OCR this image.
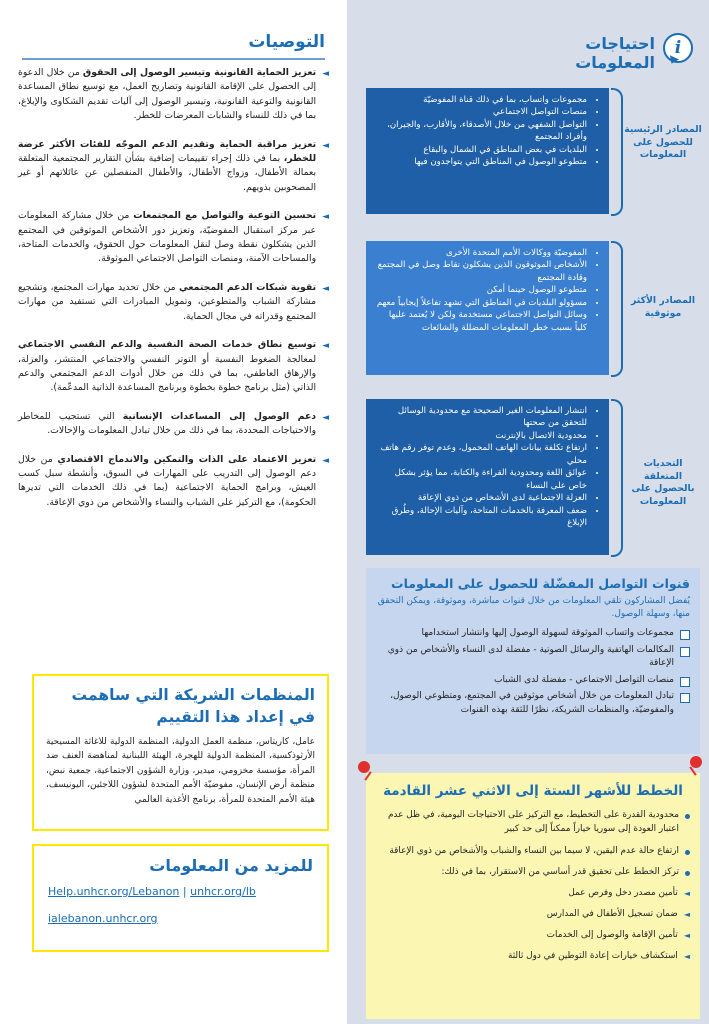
التوصيات
◄
تعزيز الحماية القانونية وتيسير الوصول إلى الحقوق من خلال الدعوة إلى الحصول على الإقامة القانونية وتصاريح العمل، مع توسيع نطاق المساعدة القانونية والتوعية القانونية، وتيسير الوصول إلى آليات تقديم الشكاوى والإبلاغ، بما في ذلك للنساء والشابات المعرضات للخطر.
◄
تعزيز مراقبة الحماية وتقديم الدعم الموجّه للفئات الأكثر عرضة للخطر، بما في ذلك إجراء تقييمات إضافية بشأن التقارير المجتمعية المتعلقة بعمالة الأطفال، وزواج الأطفال، والأطفال المنفصلين عن عائلاتهم أو غير المصحوبين بذويهم.
◄
تحسين التوعية والتواصل مع المجتمعات من خلال مشاركة المعلومات عبر مركز استقبال المفوضيّة، وتعزيز دور الأشخاص الموثوقين في المجتمع الذين يشكلون نقطة وصل لنقل المعلومات حول الحقوق، والخدمات المتاحة، والمساحات الآمنة، ومنصات التواصل الاجتماعي الموثوقة.
◄
تقوية شبكات الدعم المجتمعي من خلال تحديد مهارات المجتمع، وتشجيع مشاركة الشباب والمتطوعين، وتمويل المبادرات التي تستفيد من مهارات المجتمع وقدراته في مجال الحماية.
◄
توسيع نطاق خدمات الصحة النفسية والدعم النفسي الاجتماعي لمعالجة الضغوط النفسية أو التوتر النفسي والاجتماعي المنتشر، والعزلة، والإرهاق العاطفي، بما في ذلك من خلال أدوات الدعم المجتمعي والدعم الذاتي (مثل برنامج خطوة بخطوة وبرنامج المساعدة الذاتية المدعّمة).
◄
دعم الوصول إلى المساعدات الإنسانية التي تستجيب للمخاطر والاحتياجات المحددة، بما في ذلك من خلال تبادل المعلومات والإحالات.
◄
تعزيز الاعتماد على الذات والتمكين والاندماج الاقتصادي من خلال دعم الوصول إلى التدريب على المهارات في السوق، وأنشطة سبل كسب العيش، وبرامج الحماية الاجتماعية (بما في ذلك الخدمات التي تديرها الحكومة)، مع التركيز على الشباب والنساء والأشخاص من ذوي الإعاقة.
المنظمات الشريكة التي ساهمت في إعداد هذا التقييم

عامل، كاريتاس، منظمة العمل الدولية، المنظمة الدولية للاغاثة المسيحية الأرثوذكسية، المنظمة الدولية للهجرة، الهيئة اللبنانية لمناهضة العنف ضد المرأة، مؤسسة مخزومي، ميدير، وزارة الشؤون الاجتماعية، جمعية نبض، منظمة أرض الإنسان، مفوضيّة الأمم المتحدة لشؤون اللاجئين، اليونيسف، هيئة الأمم المتحدة للمرأة، برنامج الأغذية العالمي

للمزيد من المعلومات
Help.unhcr.org/Lebanon | unhcr.org/lb
ialebanon.unhcr.org
i
احتياجات المعلومات
• مجموعات واتساب، بما في ذلك قناة المفوضيّة
• منصات التواصل الاجتماعي
• التواصل الشفهي من خلال الأصدقاء، والأقارب، والجيران، وأفراد المجتمع
• البلديات في بعض المناطق في الشمال والبقاع
• متطوعو الوصول في المناطق التي يتواجدون فيها
المصادر الرئيسية للحصول على المعلومات
• المفوضيّة ووكالات الأمم المتحدة الأخرى
• الأشخاص الموثوقون الذين يشكلون نقاط وصل في المجتمع وقادة المجتمع
• متطوعو الوصول حينما أمكن
• مسؤولو البلديات في المناطق التي تشهد تفاعلاً إيجابياً معهم
• وسائل التواصل الاجتماعي مستخدمة ولكن لا يُعتمد عليها كلياً بسبب خطر المعلومات المضللة والشائعات
المصادر الأكثر موثوقية
• انتشار المعلومات الغير الصحيحة مع محدودية الوسائل للتحقق من صحتها
• محدودية الاتصال بالإنترنت
• ارتفاع تكلفة بيانات الهاتف المحمول، وعدم توفر رقم هاتف محلي
• عوائق اللغة ومحدودية القراءة والكتابة، مما يؤثر بشكل خاص على النساء
• العزلة الاجتماعية لدى الأشخاص من ذوي الإعاقة
• ضعف المعرفة بالخدمات المتاحة، وآليات الإحالة، وطُرق الإبلاغ
التحديات المتعلقة بالحصول على المعلومات
قنوات التواصل المفضّلة للحصول على المعلومات
يُفضل المشاركون تلقي المعلومات من خلال قنوات مباشرة، وموثوقة، ويمكن التحقق منها، وسهلة الوصول.
مجموعات واتساب الموثوقة لسهولة الوصول إليها وانتشار استخدامها
المكالمات الهاتفية والرسائل الصوتية - مفضلة لدى النساء والأشخاص من ذوي الإعاقة
منصات التواصل الاجتماعي - مفضلة لدى الشباب
تبادل المعلومات من خلال أشخاص موثوقين في المجتمع، ومتطوعي الوصول، والمفوضيّة، والمنظمات الشريكة، نظرًا للثقة بهذه القنوات
الخطط للأشهر الستة إلى الاثني عشر القادمة
محدودية القدرة على التخطيط، مع التركيز على الاحتياجات اليومية، في ظل عدم اعتبار العودة إلى سوريا خياراً ممكناً إلى حد كبير
ارتفاع حالة عدم اليقين، لا سيما بين النساء والشباب والأشخاص من ذوي الإعاقة
تركز الخطط على تحقيق قدر أساسي من الاستقرار، بما في ذلك:
◄
تأمين مصدر دخل وفرص عمل
◄
ضمان تسجيل الأطفال في المدارس
◄
تأمين الإقامة والوصول إلى الخدمات
◄
استكشاف خيارات إعادة التوطين في دول ثالثة
